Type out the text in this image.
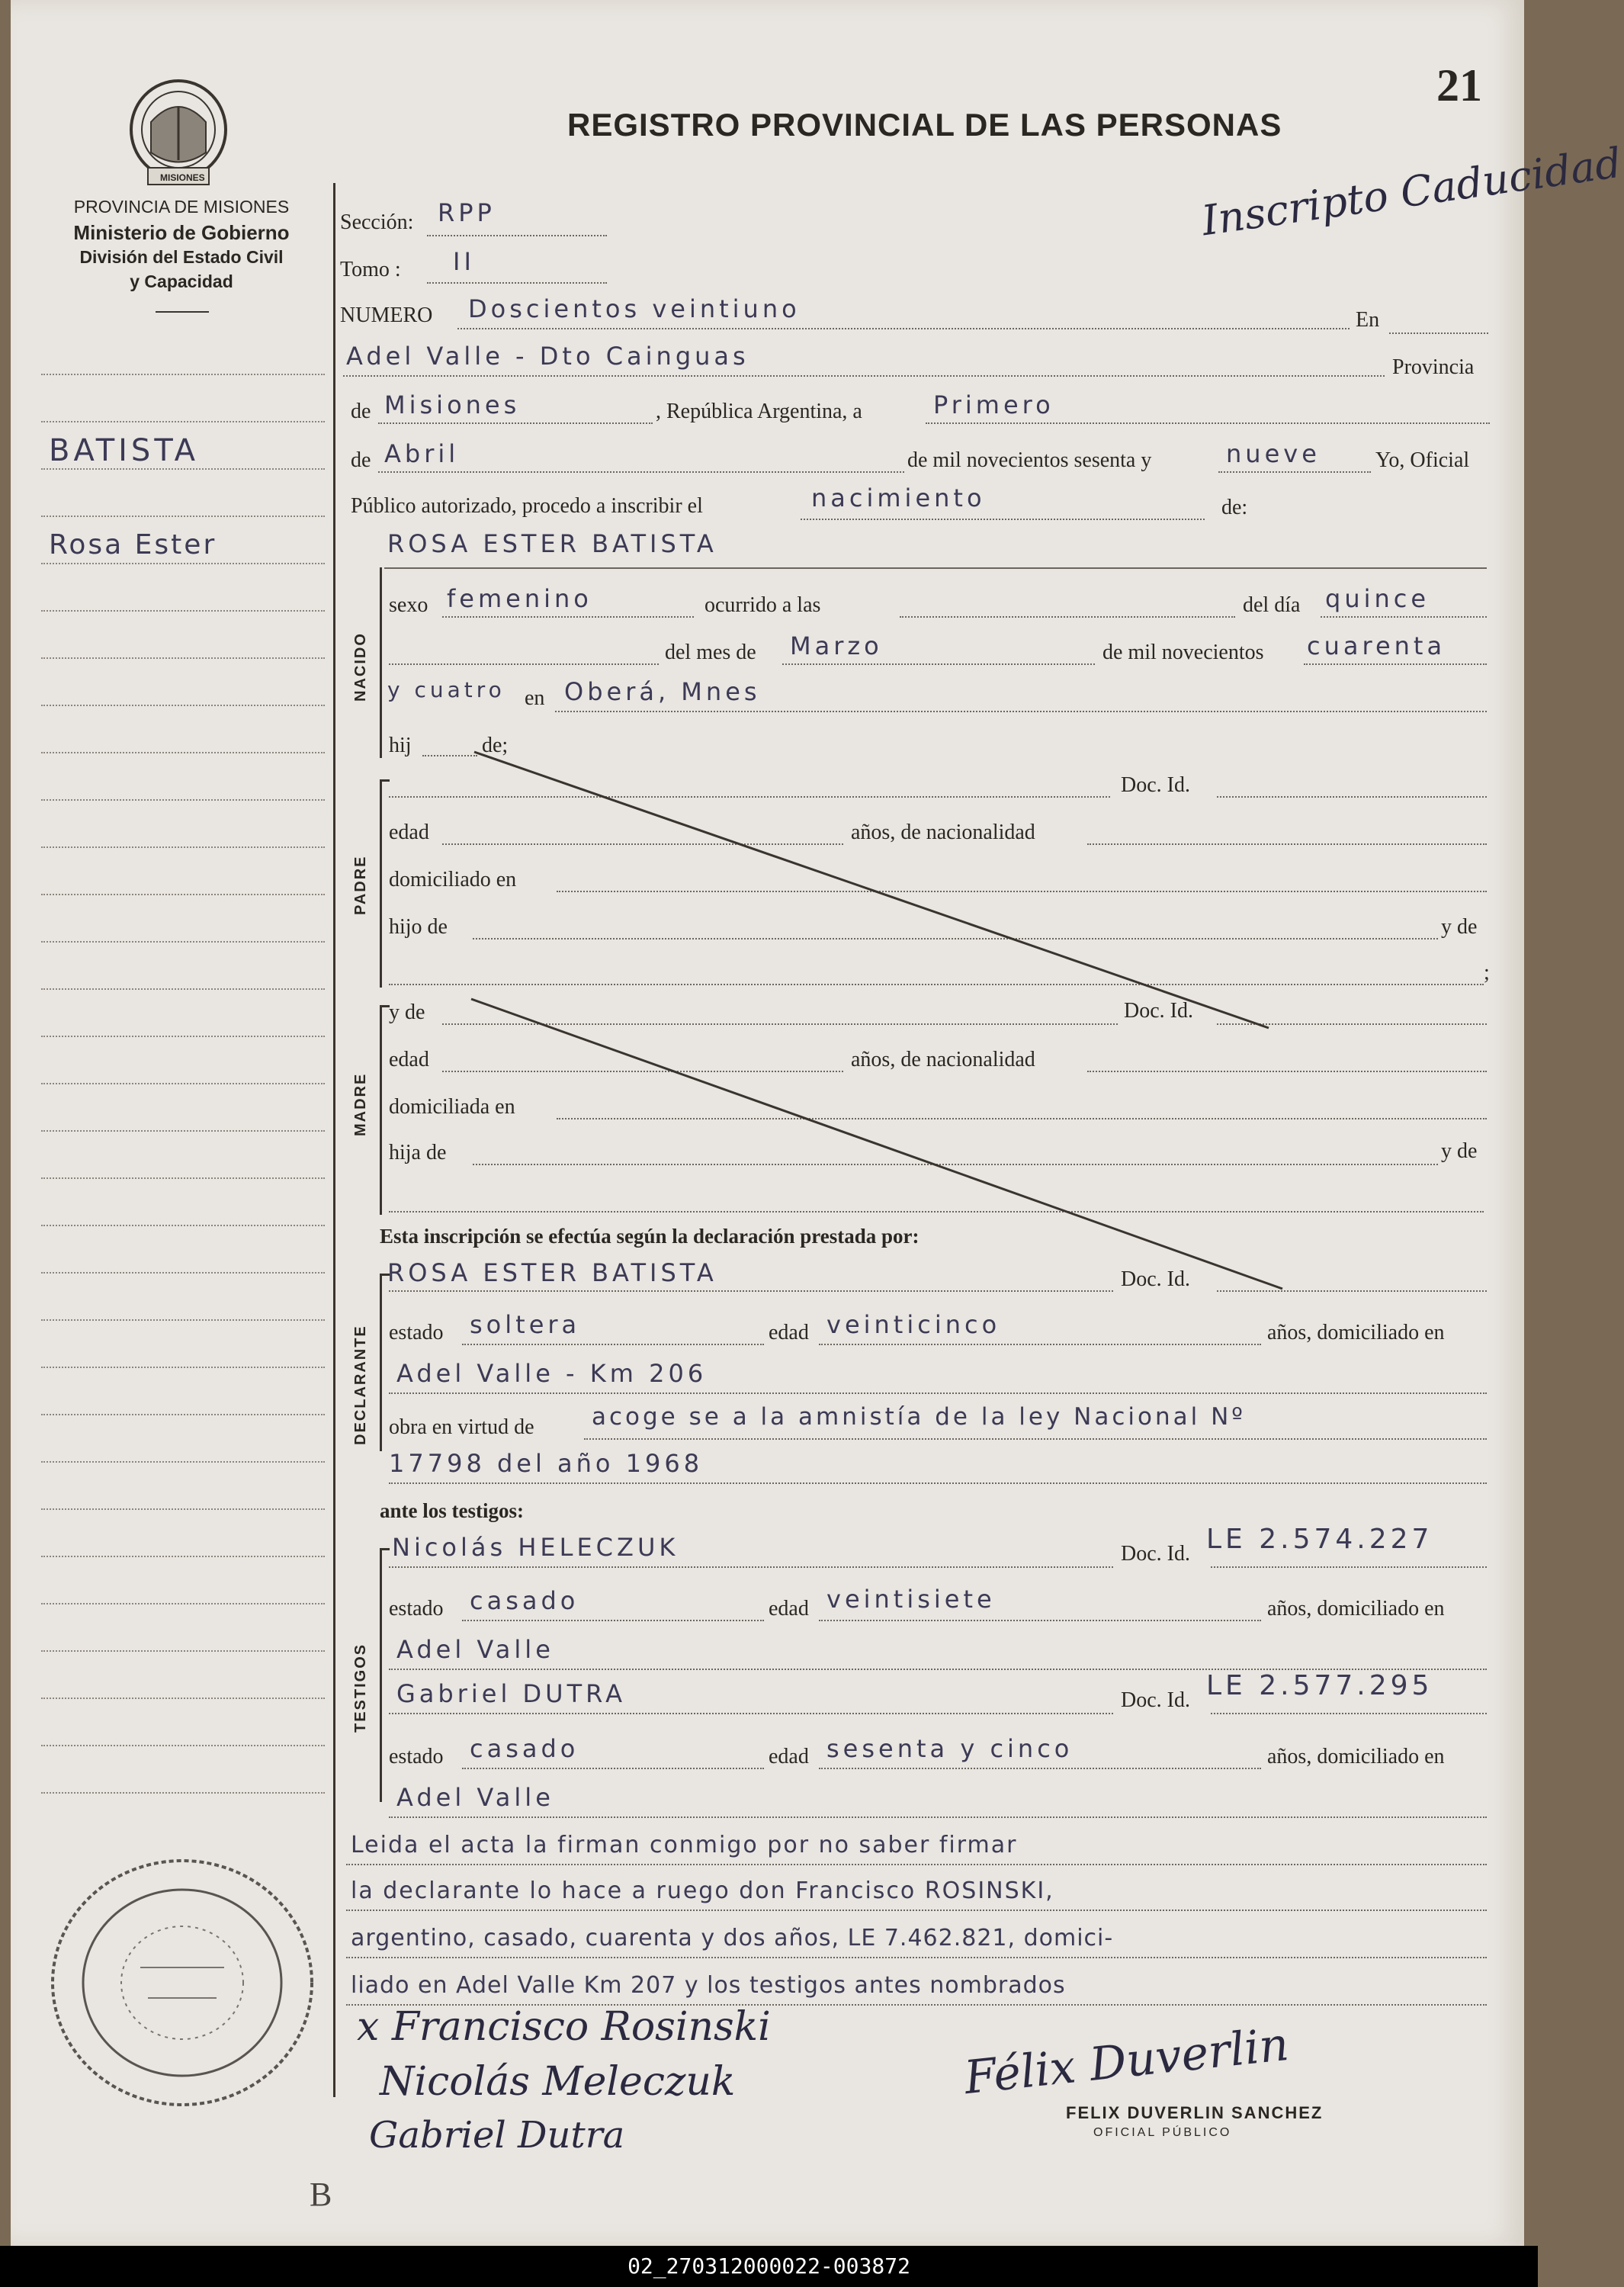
21
REGISTRO PROVINCIAL DE LAS PERSONAS
MISIONES
PROVINCIA DE MISIONES
Ministerio de Gobierno
División del Estado Civil
y Capacidad
Inscripto Caducidad
BATISTA
Rosa Ester
Sección: RPP
Tomo : II
NUMERO Doscientos veintiuno	En
Adel Valle - Dto Cainguas	Provincia
de Misiones	, República Argentina, a	Primero
de Abril	de mil novecientos sesenta y	nueve	Yo, Oficial
Público autorizado, procedo a inscribir el	nacimiento	de:
NACIDO
ROSA ESTER BATISTA
sexo femenino	ocurrido a las	del día quince
del mes de Marzo	de mil novecientos cuarenta
y cuatro en Oberá, Mnes
hij	de;
PADRE
Doc. Id.
edad	años, de nacionalidad
domiciliado en
hijo de	y de
;
MADRE
y de	Doc. Id.
edad	años, de nacionalidad
domiciliada en
hija de	y de
Esta inscripción se efectúa según la declaración prestada por:
DECLARANTE
ROSA ESTER BATISTA	Doc. Id.
estado soltera	edad veinticinco	años, domiciliado en
Adel Valle - Km 206
obra en virtud de acoge se a la amnistía de la ley Nacional Nº
17798 del año 1968
ante los testigos:
TESTIGOS
Nicolás HELECZUK	Doc. Id. LE 2.574.227
estado casado	edad veintisiete	años, domiciliado en
Adel Valle
Gabriel DUTRA	Doc. Id. LE 2.577.295
estado casado	edad sesenta y cinco	años, domiciliado en
Adel Valle
Leida el acta la firman conmigo por no saber firmar
la declarante lo hace a ruego don Francisco ROSINSKI,
argentino, casado, cuarenta y dos años, LE 7.462.821, domici-
liado en Adel Valle Km 207 y los testigos antes nombrados
x Francisco Rosinski
Nicolás Meleczuk
Gabriel Dutra
Félix Duverlin
FELIX DUVERLIN SANCHEZ
OFICIAL PÚBLICO
B
02_270312000022-003872
